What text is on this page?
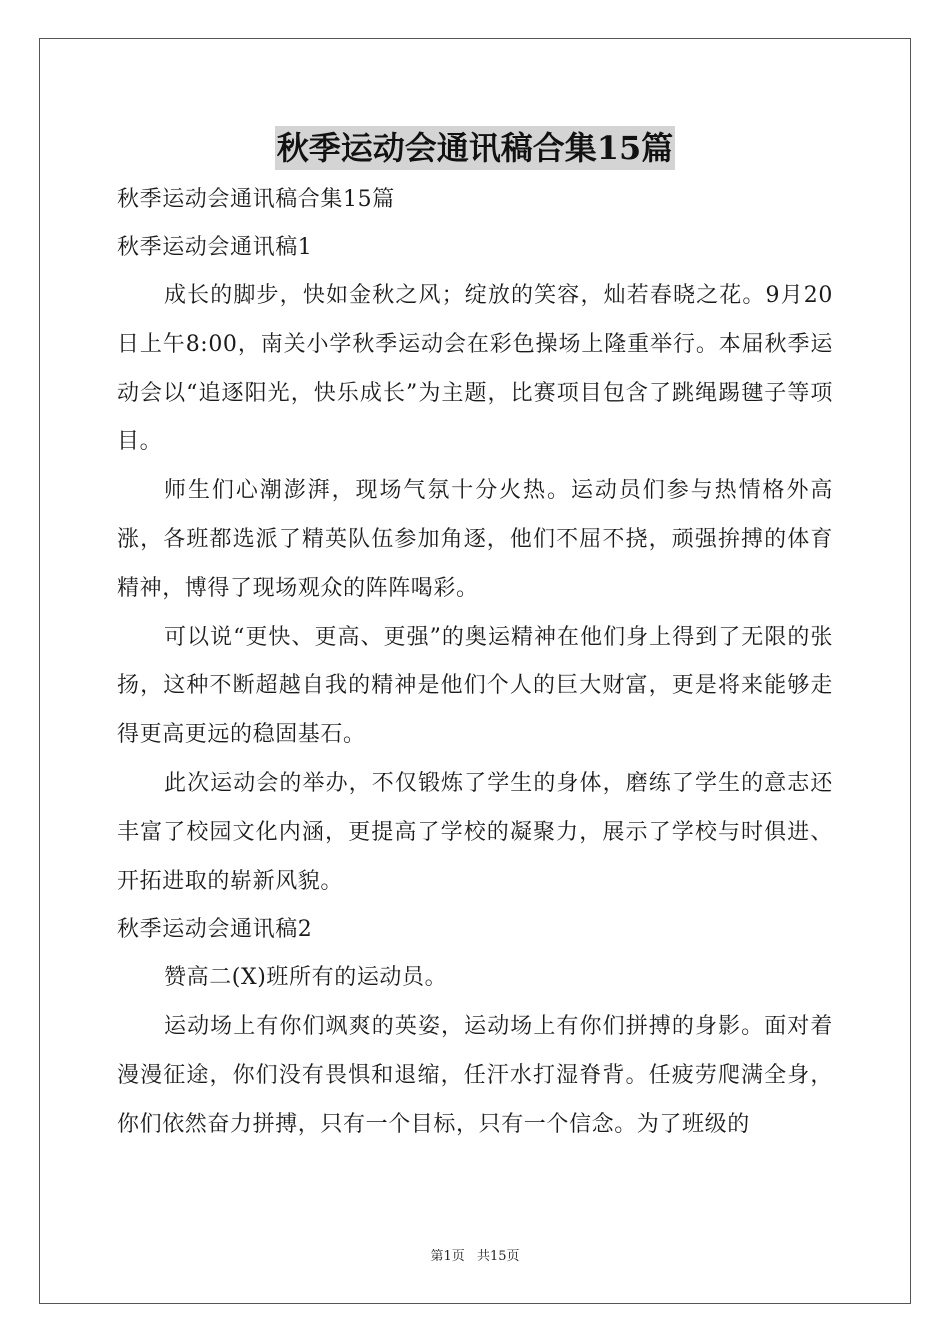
秋季运动会通讯稿合集15篇
秋季运动会通讯稿合集15篇
秋季运动会通讯稿1

成长的脚步，快如金秋之风；绽放的笑容，灿若春晓之花。9月20日上午8:00，南关小学秋季运动会在彩色操场上隆重举行。本届秋季运动会以“追逐阳光，快乐成长”为主题，比赛项目包含了跳绳踢毽子等项目。

师生们心潮澎湃，现场气氛十分火热。运动员们参与热情格外高涨，各班都选派了精英队伍参加角逐，他们不屈不挠，顽强拚搏的体育精神，博得了现场观众的阵阵喝彩。

可以说“更快、更高、更强”的奥运精神在他们身上得到了无限的张扬，这种不断超越自我的精神是他们个人的巨大财富，更是将来能够走得更高更远的稳固基石。

此次运动会的举办，不仅锻炼了学生的身体，磨练了学生的意志还丰富了校园文化内涵，更提高了学校的凝聚力，展示了学校与时俱进、开拓进取的崭新风貌。

秋季运动会通讯稿2

赞高二(X)班所有的运动员。

运动场上有你们飒爽的英姿，运动场上有你们拼搏的身影。面对着漫漫征途，你们没有畏惧和退缩，任汗水打湿脊背。任疲劳爬满全身，你们依然奋力拼搏，只有一个目标，只有一个信念。为了班级的

第1页 共15页
